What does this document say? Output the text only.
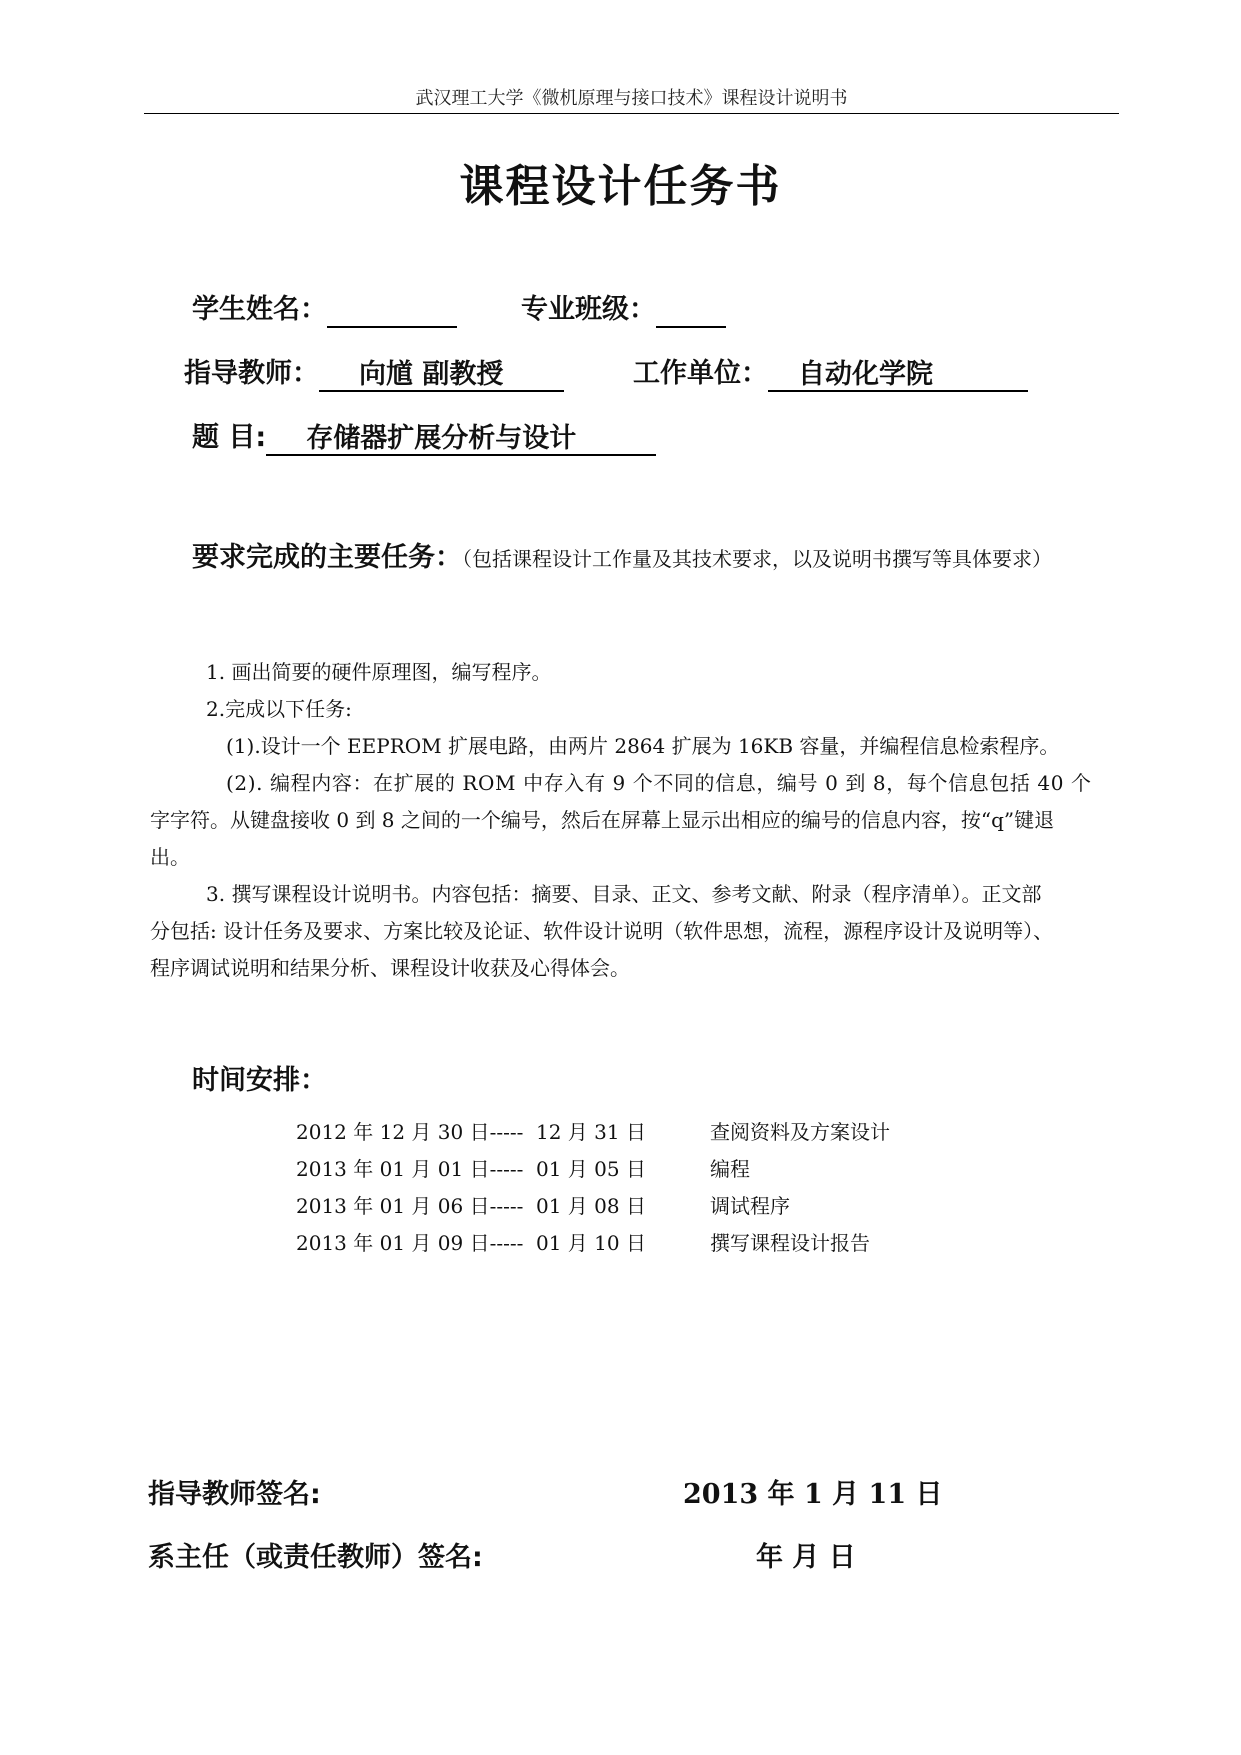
武汉理工大学《微机原理与接口技术》课程设计说明书
课程设计任务书
学生姓名：	专业班级：
指导教师： 向馗 副教授	工作单位： 自动化学院
题 目: 存储器扩展分析与设计
要求完成的主要任务：（包括课程设计工作量及其技术要求，以及说明书撰写等具体要求）
1. 画出简要的硬件原理图，编写程序。
2.完成以下任务:
(1).设计一个 EEPROM 扩展电路，由两片 2864 扩展为 16KB 容量，并编程信息检索程序。
(2). 编程内容：在扩展的 ROM 中存入有 9 个不同的信息，编号 0 到 8，每个信息包括 40 个
字字符。从键盘接收 0 到 8 之间的一个编号，然后在屏幕上显示出相应的编号的信息内容，按“q”键退
出。
3. 撰写课程设计说明书。内容包括：摘要、目录、正文、参考文献、附录（程序清单）。正文部
分包括: 设计任务及要求、方案比较及论证、软件设计说明（软件思想，流程，源程序设计及说明等）、
程序调试说明和结果分析、课程设计收获及心得体会。
时间安排：
2012 年 12 月 30 日----- 12 月 31 日	查阅资料及方案设计
2013 年 01 月 01 日----- 01 月 05 日	编程
2013 年 01 月 06 日----- 01 月 08 日	调试程序
2013 年 01 月 09 日----- 01 月 10 日	撰写课程设计报告
指导教师签名:	2013 年 1 月 11 日
系主任（或责任教师）签名:	年 月 日
